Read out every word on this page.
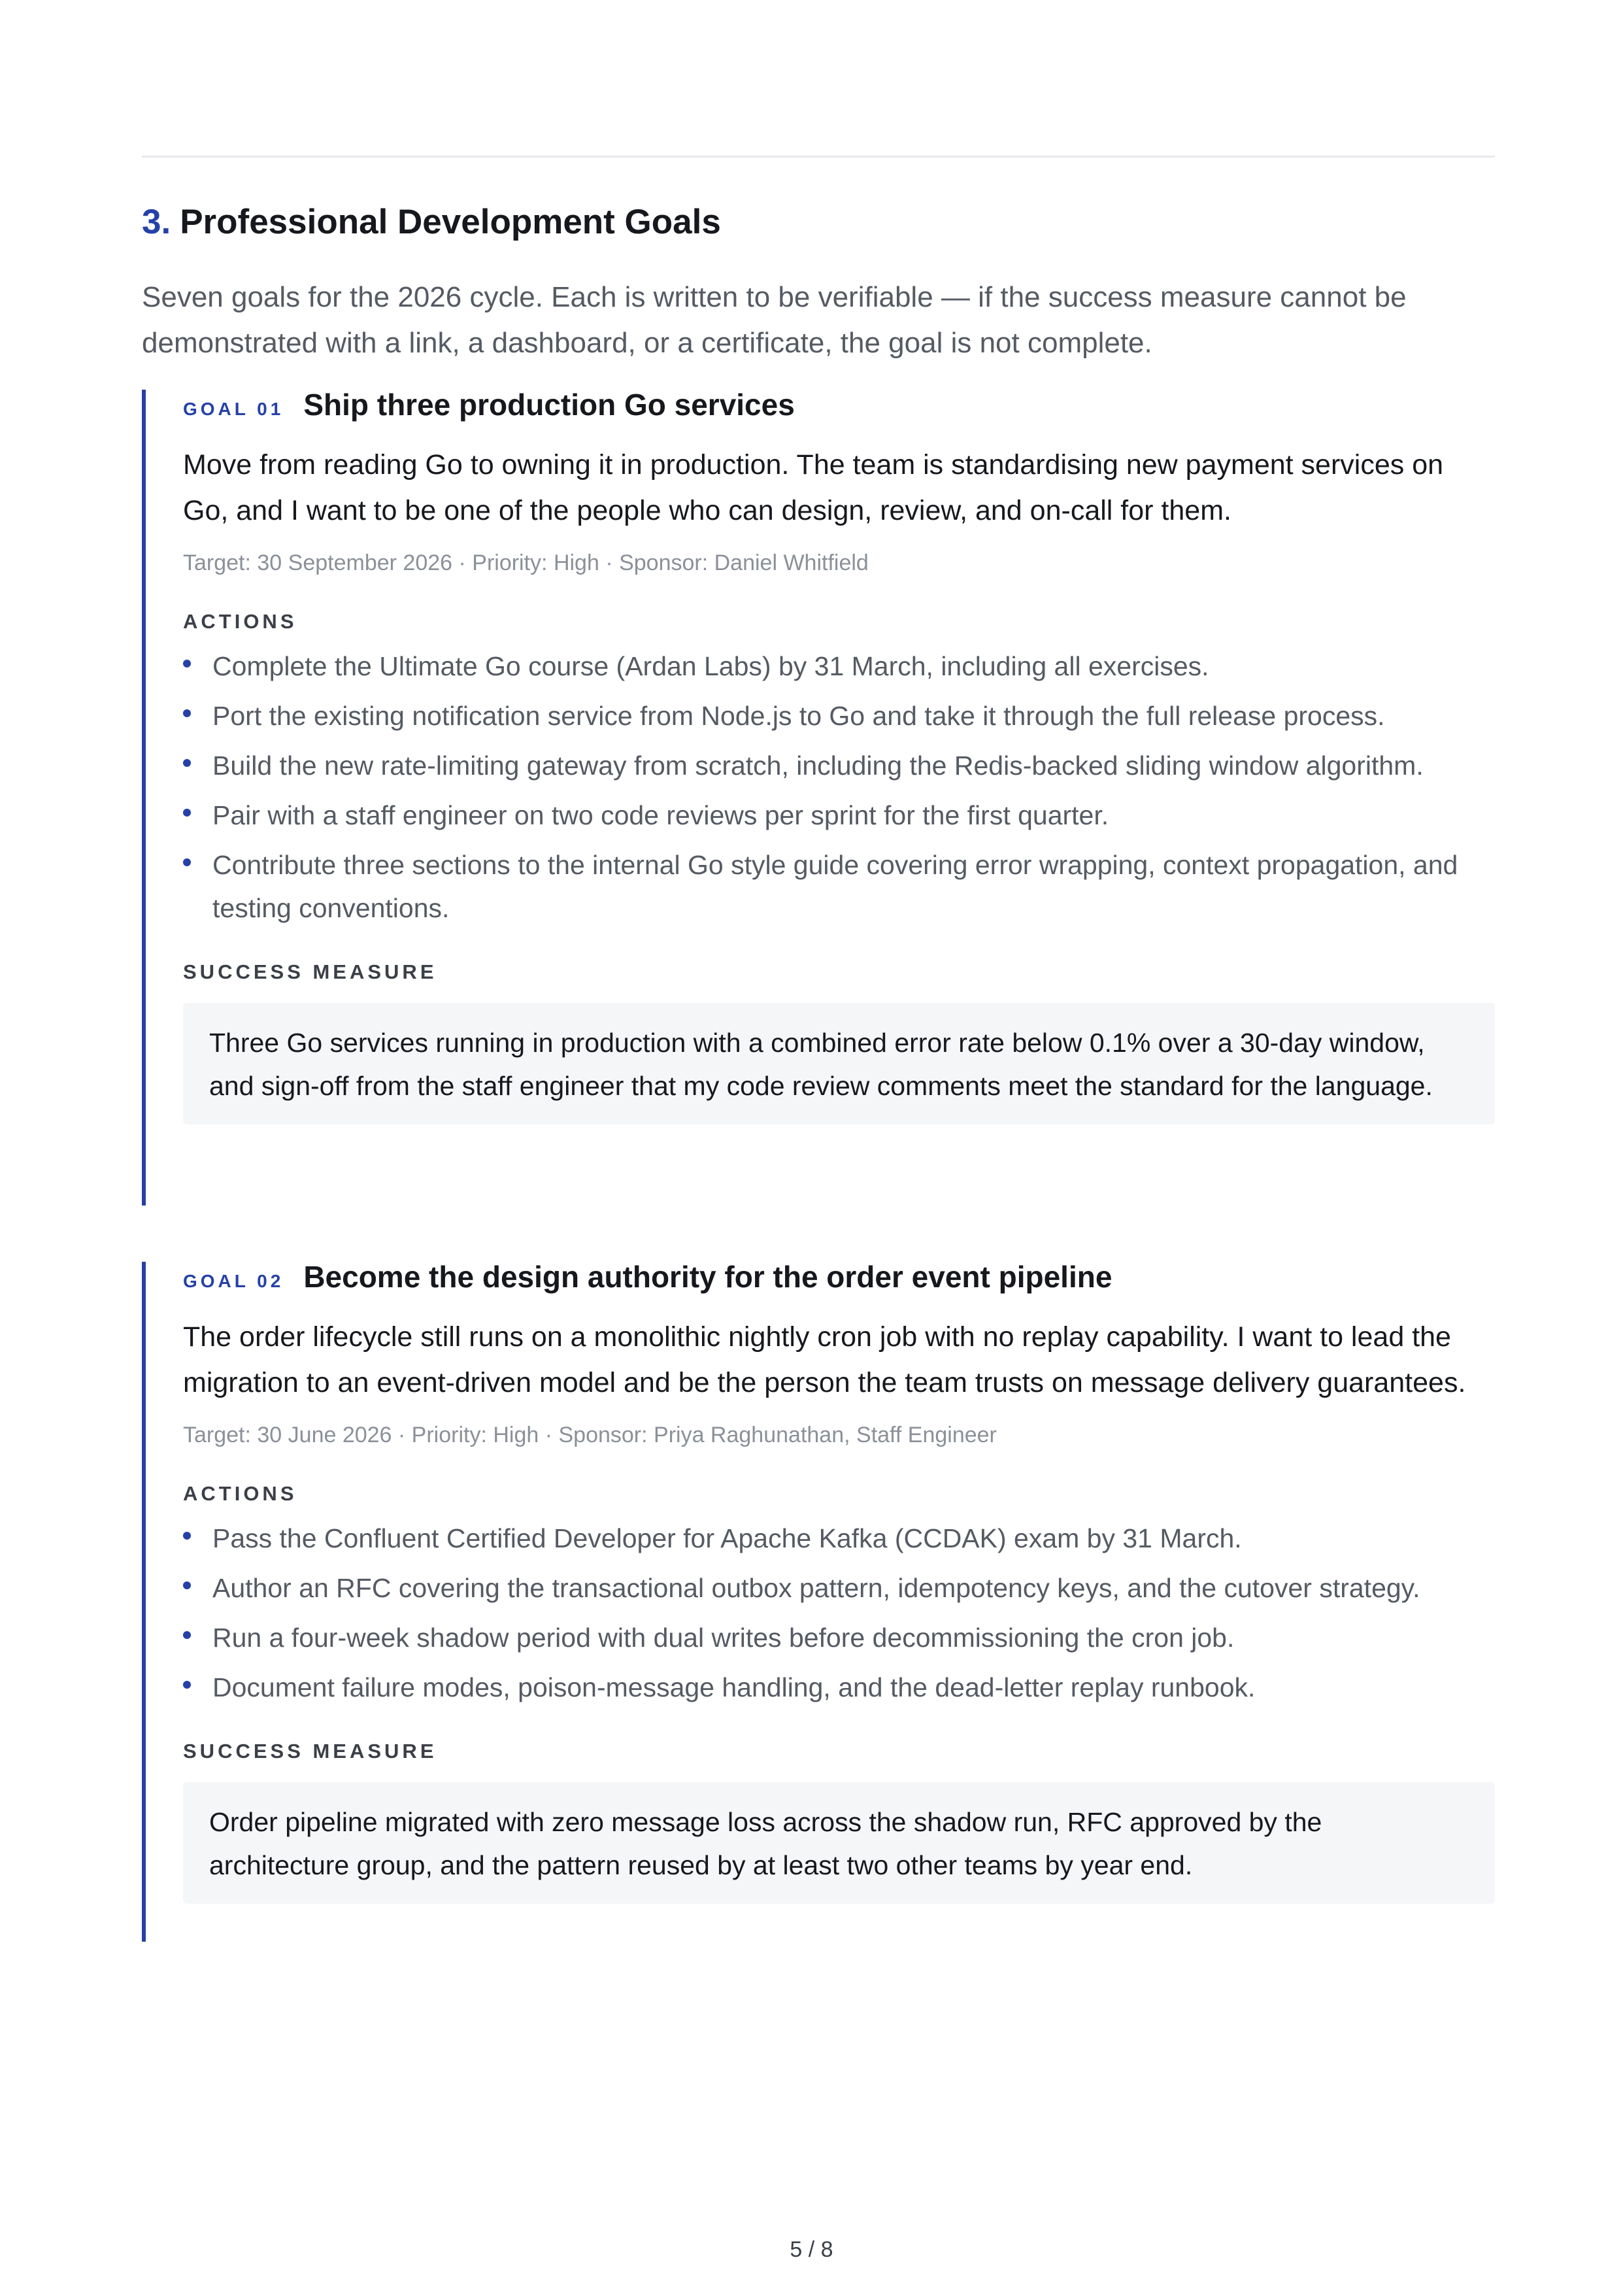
3. Professional Development Goals

Seven goals for the 2026 cycle. Each is written to be verifiable — if the success measure cannot be demonstrated with a link, a dashboard, or a certificate, the goal is not complete.

GOAL 01 Ship three production Go services

Move from reading Go to owning it in production. The team is standardising new payment services on Go, and I want to be one of the people who can design, review, and on-call for them.

Target: 30 September 2026 · Priority: High · Sponsor: Daniel Whitfield

ACTIONS
Complete the Ultimate Go course (Ardan Labs) by 31 March, including all exercises.
Port the existing notification service from Node.js to Go and take it through the full release process.
Build the new rate-limiting gateway from scratch, including the Redis-backed sliding window algorithm.
Pair with a staff engineer on two code reviews per sprint for the first quarter.
Contribute three sections to the internal Go style guide covering error wrapping, context propagation, and testing conventions.
SUCCESS MEASURE
Three Go services running in production with a combined error rate below 0.1% over a 30-day window, and sign-off from the staff engineer that my code review comments meet the standard for the language.
GOAL 02 Become the design authority for the order event pipeline

The order lifecycle still runs on a monolithic nightly cron job with no replay capability. I want to lead the migration to an event-driven model and be the person the team trusts on message delivery guarantees.

Target: 30 June 2026 · Priority: High · Sponsor: Priya Raghunathan, Staff Engineer

ACTIONS
Pass the Confluent Certified Developer for Apache Kafka (CCDAK) exam by 31 March.
Author an RFC covering the transactional outbox pattern, idempotency keys, and the cutover strategy.
Run a four-week shadow period with dual writes before decommissioning the cron job.
Document failure modes, poison-message handling, and the dead-letter replay runbook.
SUCCESS MEASURE
Order pipeline migrated with zero message loss across the shadow run, RFC approved by the architecture group, and the pattern reused by at least two other teams by year end.
5 / 8
